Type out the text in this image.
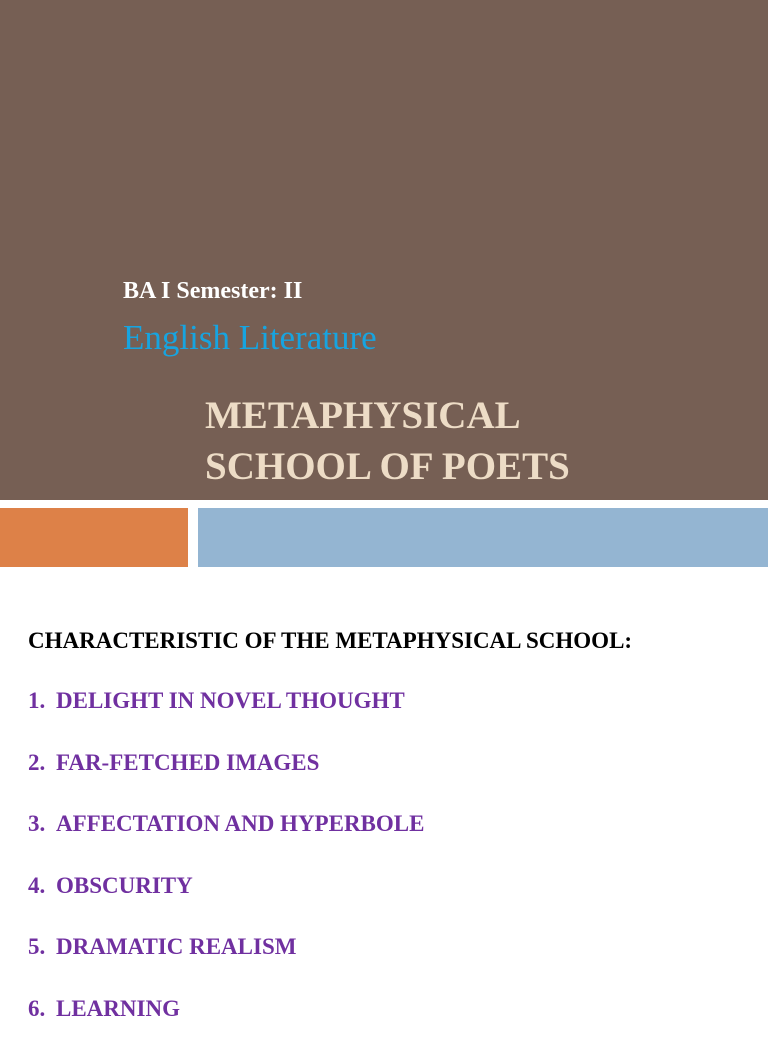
BA I Semester: II
English Literature
METAPHYSICAL
SCHOOL OF POETS
CHARACTERISTIC OF THE METAPHYSICAL SCHOOL:
1. DELIGHT IN NOVEL THOUGHT
2. FAR-FETCHED IMAGES
3. AFFECTATION AND HYPERBOLE
4. OBSCURITY
5. DRAMATIC REALISM
6. LEARNING
